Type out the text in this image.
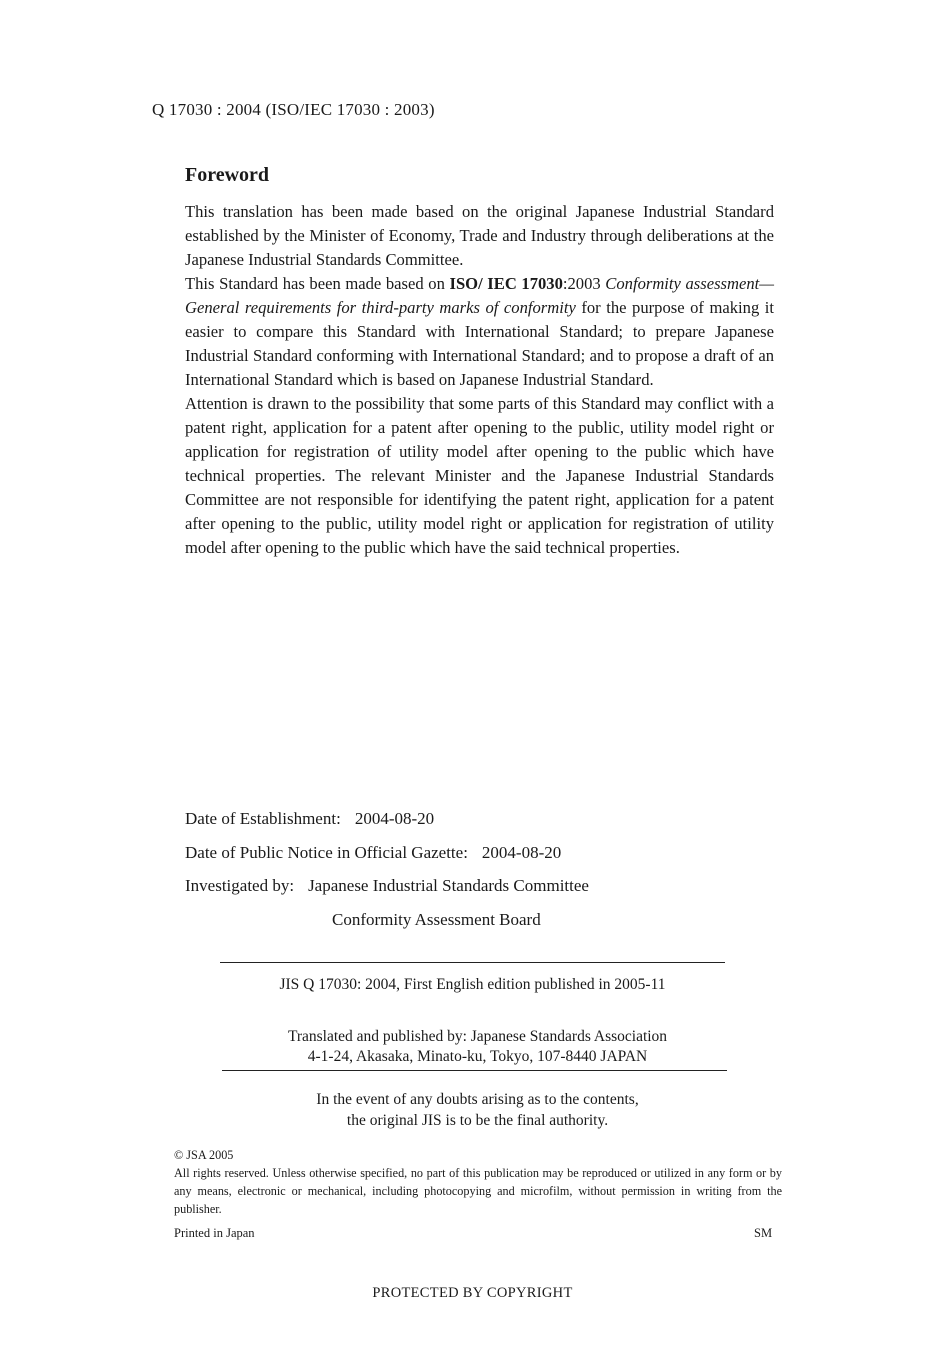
Q 17030 : 2004 (ISO/IEC 17030 : 2003)
Foreword

This translation has been made based on the original Japanese Industrial Standard established by the Minister of Economy, Trade and Industry through deliberations at the Japanese Industrial Standards Committee.

This Standard has been made based on ISO/ IEC 17030:2003 Conformity assessment—General requirements for third-party marks of conformity for the purpose of making it easier to compare this Standard with International Standard; to prepare Japanese Industrial Standard conforming with International Standard; and to propose a draft of an International Standard which is based on Japanese Industrial Standard.

Attention is drawn to the possibility that some parts of this Standard may conflict with a patent right, application for a patent after opening to the public, utility model right or application for registration of utility model after opening to the public which have technical properties. The relevant Minister and the Japanese Industrial Standards Committee are not responsible for identifying the patent right, application for a patent after opening to the public, utility model right or application for registration of utility model after opening to the public which have the said technical properties.

Date of Establishment: 2004-08-20
Date of Public Notice in Official Gazette: 2004-08-20
Investigated by: Japanese Industrial Standards Committee
Conformity Assessment Board
JIS Q 17030: 2004, First English edition published in 2005-11
Translated and published by: Japanese Standards Association
4-1-24, Akasaka, Minato-ku, Tokyo, 107-8440 JAPAN
In the event of any doubts arising as to the contents,
the original JIS is to be the final authority.

© JSA 2005

All rights reserved. Unless otherwise specified, no part of this publication may be reproduced or utilized in any form or by any means, electronic or mechanical, including photocopying and microfilm, without permission in writing from the publisher.

Printed in Japan	SM
PROTECTED BY COPYRIGHT
